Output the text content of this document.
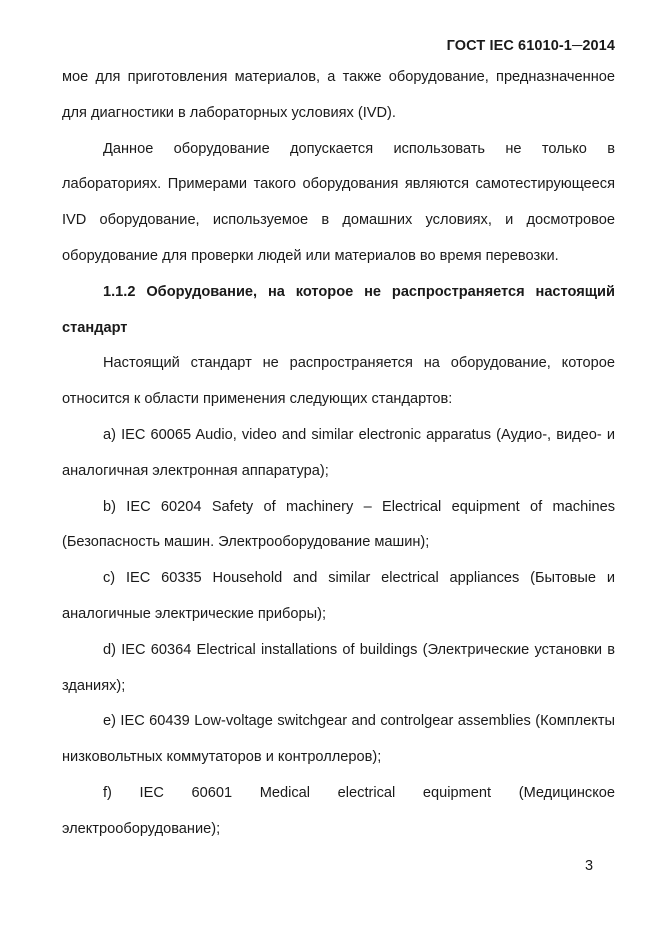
ГОСТ IEC 61010-1─2014

мое для приготовления материалов, а также оборудование, предназначенное для диагностики в лабораторных условиях (IVD).

Данное оборудование допускается использовать не только в лабораториях. Примерами такого оборудования являются самотестирующееся IVD оборудование, используемое в домашних условиях, и досмотровое оборудование для проверки людей или материалов во время перевозки.

1.1.2 Оборудование, на которое не распространяется настоящий стандарт

Настоящий стандарт не распространяется на оборудование, которое относится к области применения следующих стандартов:

a) IEC 60065 Audio, video and similar electronic apparatus (Аудио-, видео- и аналогичная электронная аппаратура);

b) IEC 60204 Safety of machinery – Electrical equipment of machines (Безопасность машин. Электрооборудование машин);

c) IEC 60335 Household and similar electrical appliances (Бытовые и аналогичные электрические приборы);

d) IEC 60364 Electrical installations of buildings (Электрические установки в зданиях);

e) IEC 60439 Low-voltage switchgear and controlgear assemblies (Комплекты низковольтных коммутаторов и контроллеров);

f) IEC 60601 Medical electrical equipment (Медицинское электрооборудование);

3
